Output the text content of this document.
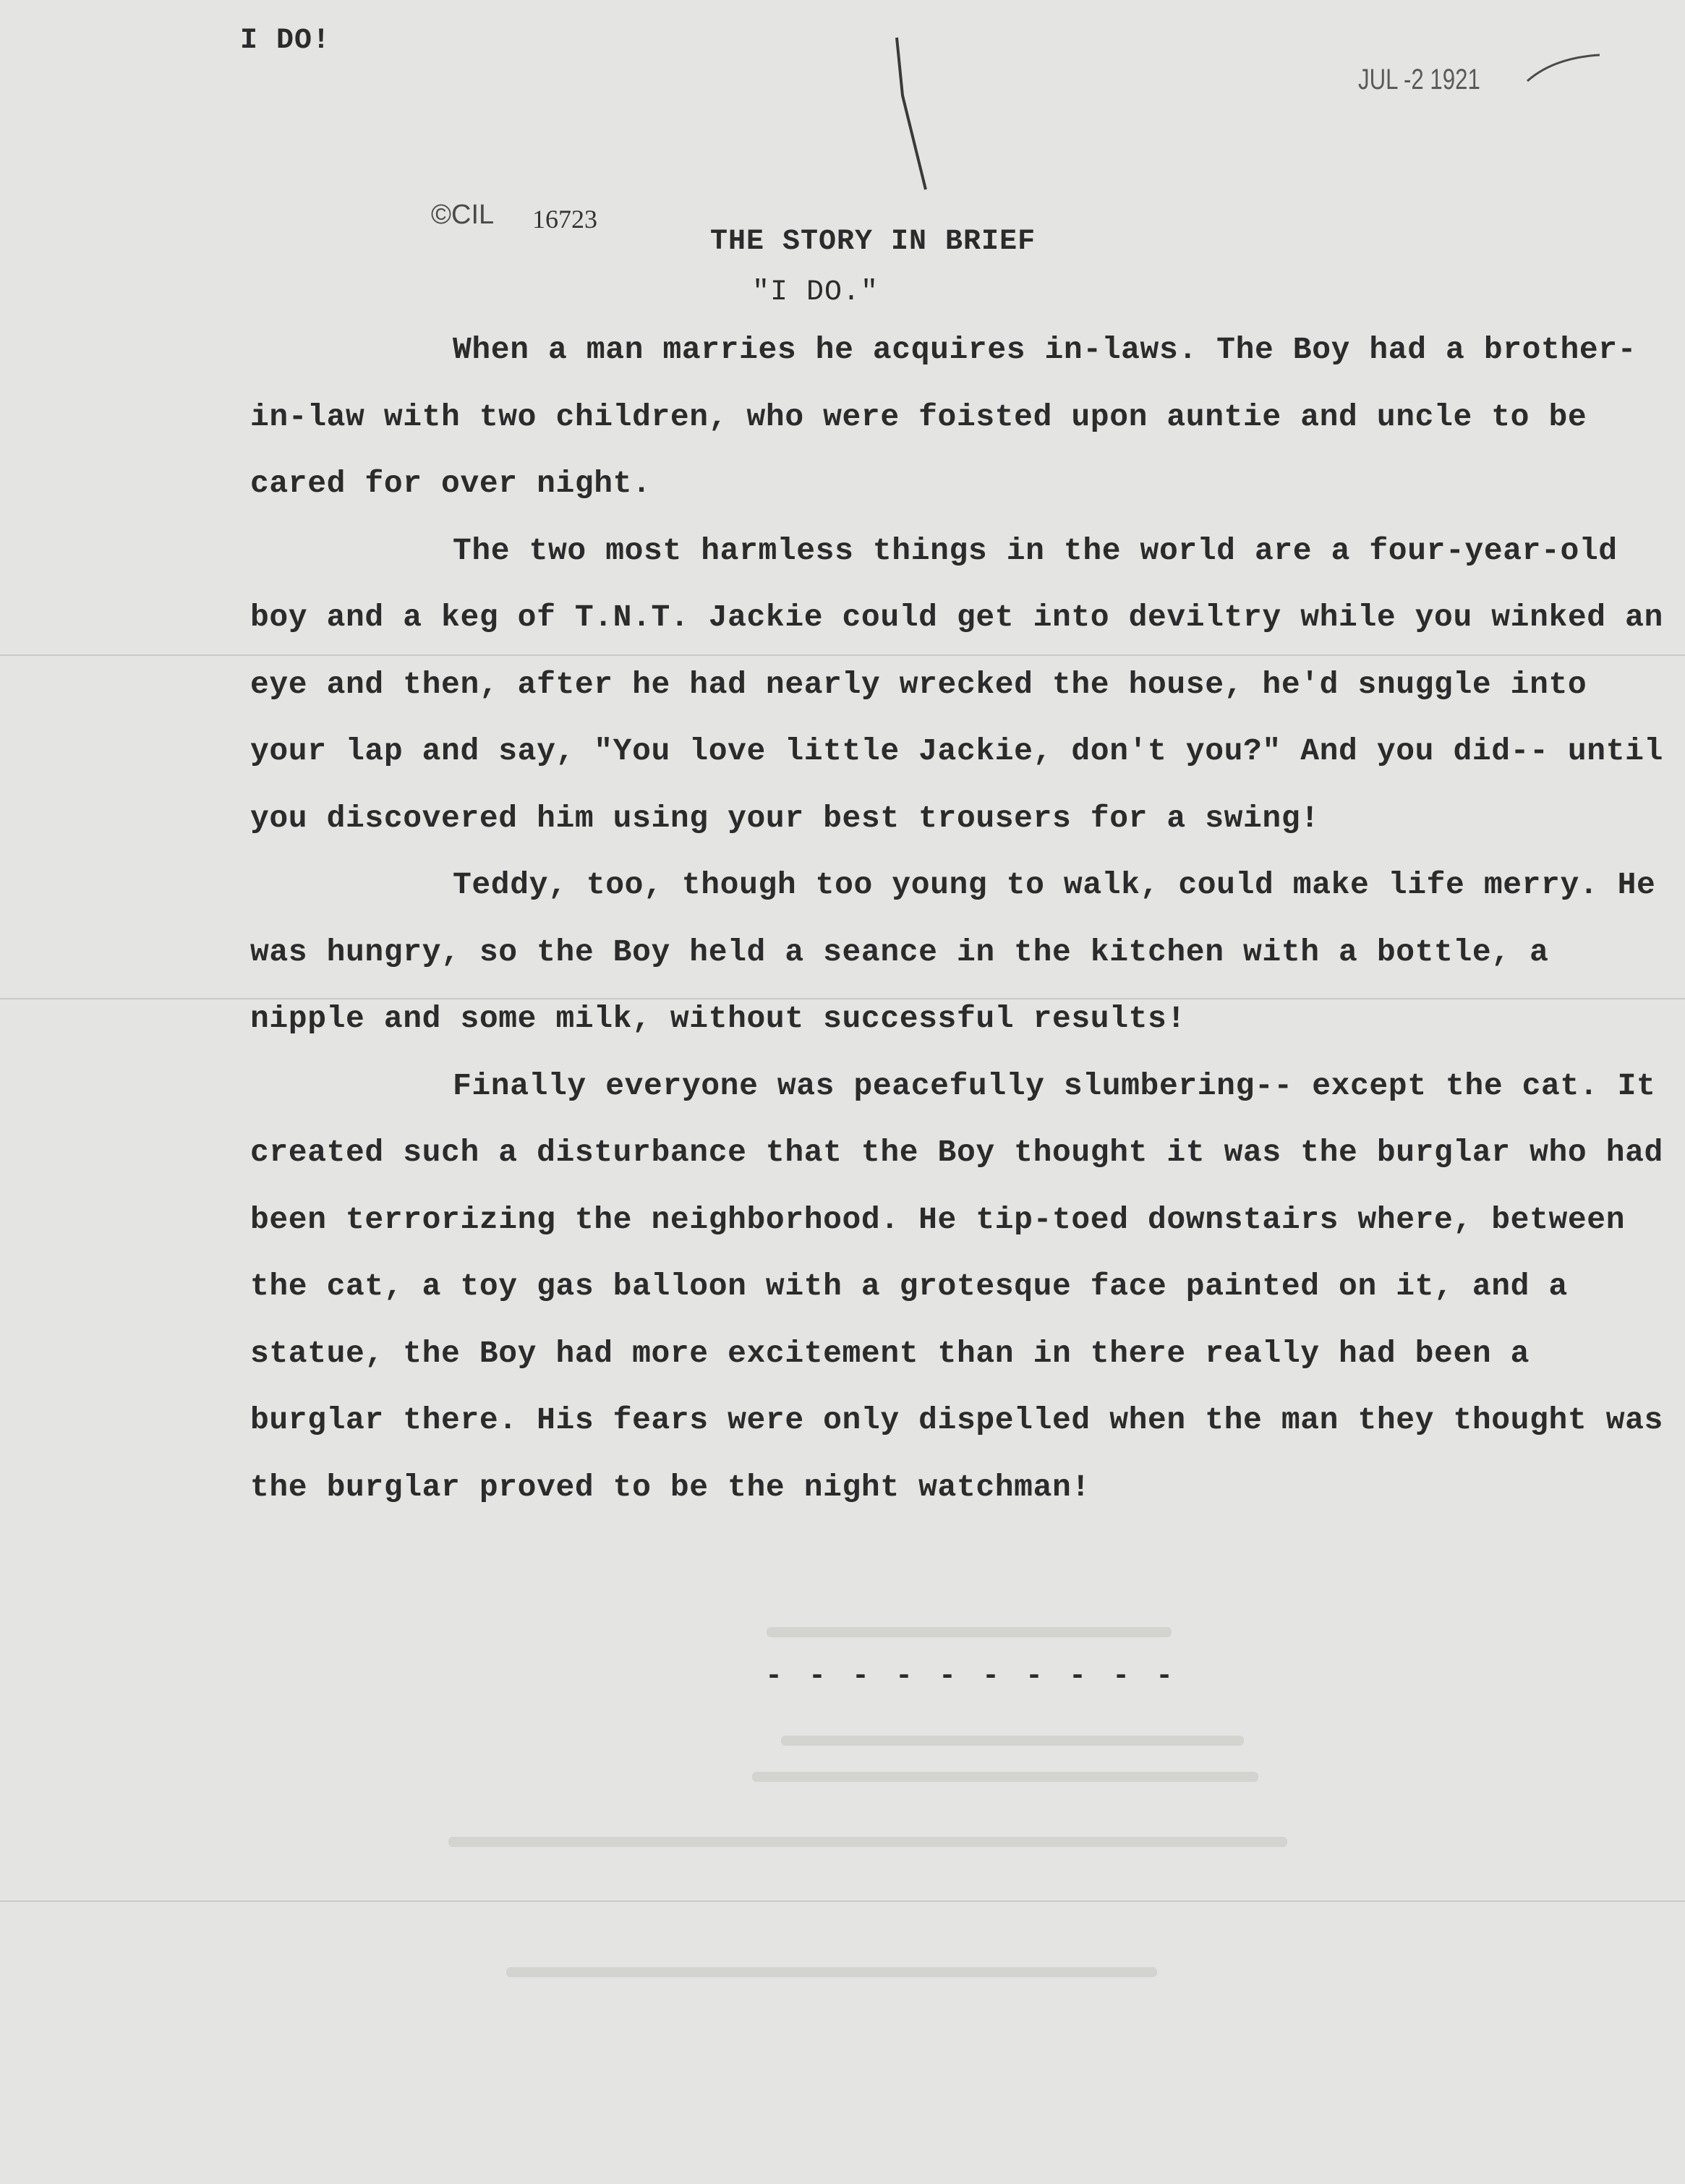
I DO!
JUL -2 1921
©CIL 16723
THE STORY IN BRIEF
"I DO."

When a man marries he acquires in-laws. The Boy had a brother-in-law with two children, who were foisted upon auntie and uncle to be cared for over night.

The two most harmless things in the world are a four-year-old boy and a keg of T.N.T. Jackie could get into deviltry while you winked an eye and then, after he had nearly wrecked the house, he'd snuggle into your lap and say, "You love little Jackie, don't you?" And you did-- until you discovered him using your best trousers for a swing!

Teddy, too, though too young to walk, could make life merry. He was hungry, so the Boy held a seance in the kitchen with a bottle, a nipple and some milk, without successful results!

Finally everyone was peacefully slumbering-- except the cat. It created such a disturbance that the Boy thought it was the burglar who had been terrorizing the neighborhood. He tip-toed downstairs where, between the cat, a toy gas balloon with a grotesque face painted on it, and a statue, the Boy had more excitement than in there really had been a burglar there. His fears were only dispelled when the man they thought was the burglar proved to be the night watchman!

- - - - - - - - - -
